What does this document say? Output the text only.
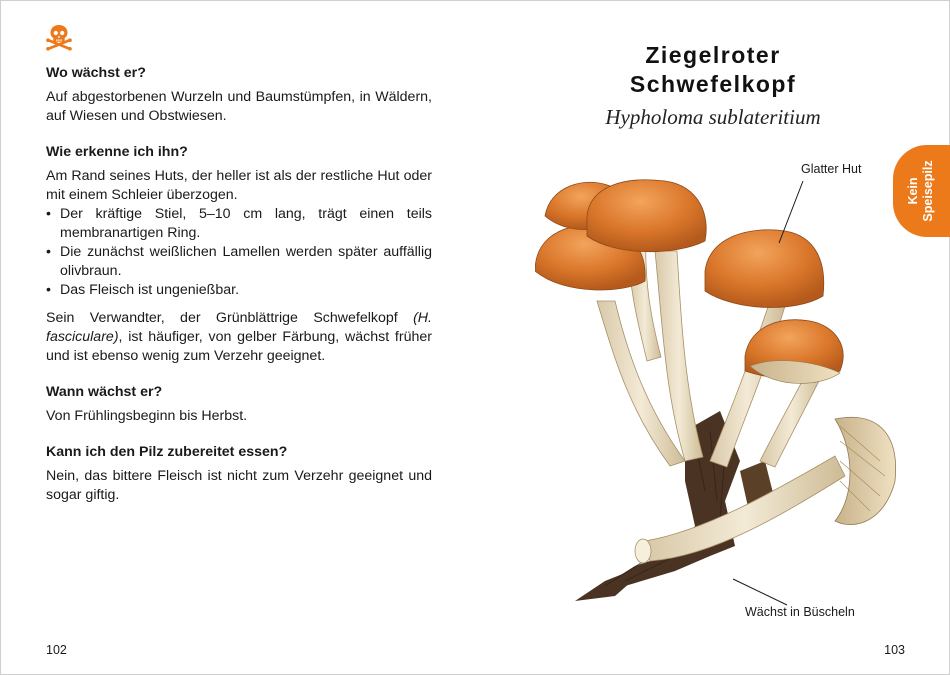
Wo wächst er?

Auf abgestorbenen Wurzeln und Baumstümpfen, in Wäldern, auf Wiesen und Obstwiesen.

Wie erkenne ich ihn?

Am Rand seines Huts, der heller ist als der restliche Hut oder mit einem Schleier überzogen.

• Der kräftige Stiel, 5–10 cm lang, trägt einen teils membranartigen Ring.
• Die zunächst weißlichen Lamellen werden später auffällig olivbraun.
• Das Fleisch ist ungenießbar.

Sein Verwandter, der Grünblättrige Schwefelkopf (H. fasciculare), ist häufiger, von gelber Färbung, wächst früher und ist ebenso wenig zum Verzehr geeignet.

Wann wächst er?

Von Frühlingsbeginn bis Herbst.

Kann ich den Pilz zubereitet essen?

Nein, das bittere Fleisch ist nicht zum Verzehr geeignet und sogar giftig.

102
Ziegelroter
Schwefelkopf
Hypholoma sublateritium
Kein Speisepilz
Glatter Hut
Wächst in Büscheln
103
